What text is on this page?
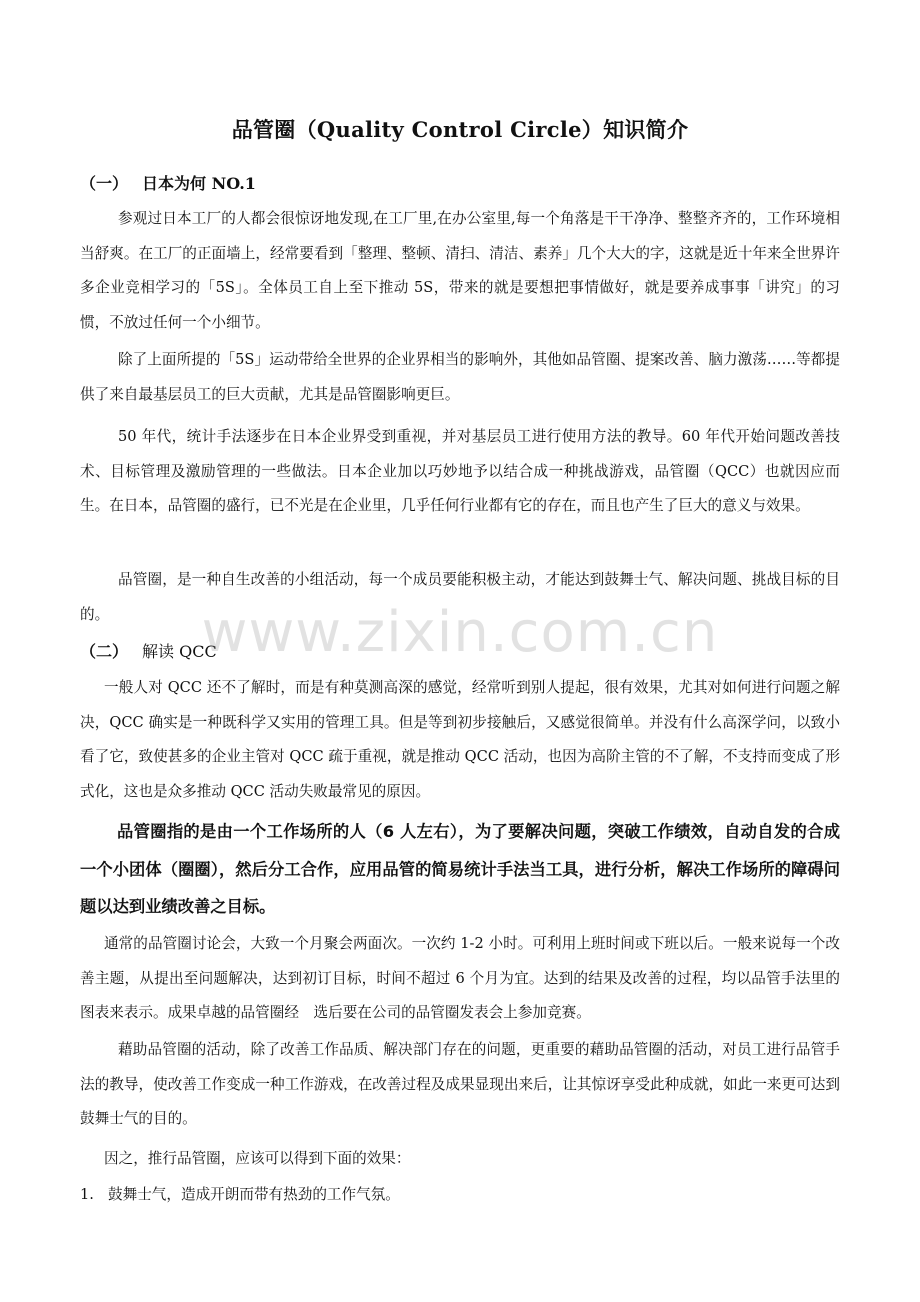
品管圈（Quality Control Circle）知识简介
（一） 日本为何 NO.1
参观过日本工厂的人都会很惊讶地发现,在工厂里,在办公室里,每一个角落是干干净净、整整齐齐的，工作环境相当舒爽。在工厂的正面墙上，经常要看到「整理、整顿、清扫、清洁、素养」几个大大的字，这就是近十年来全世界许多企业竞相学习的「5S」。全体员工自上至下推动 5S，带来的就是要想把事情做好，就是要养成事事「讲究」的习惯，不放过任何一个小细节。
除了上面所提的「5S」运动带给全世界的企业界相当的影响外，其他如品管圈、提案改善、脑力激荡……等都提供了来自最基层员工的巨大贡献，尤其是品管圈影响更巨。
50 年代，统计手法逐步在日本企业界受到重视，并对基层员工进行使用方法的教导。60 年代开始问题改善技术、目标管理及激励管理的一些做法。日本企业加以巧妙地予以结合成一种挑战游戏，品管圈（QCC）也就因应而生。在日本，品管圈的盛行，已不光是在企业里，几乎任何行业都有它的存在，而且也产生了巨大的意义与效果。
品管圈，是一种自生改善的小组活动，每一个成员要能积极主动，才能达到鼓舞士气、解决问题、挑战目标的目的。
（二） 解读 QCC
一般人对 QCC 还不了解时，而是有种莫测高深的感觉，经常听到别人提起，很有效果，尤其对如何进行问题之解决，QCC 确实是一种既科学又实用的管理工具。但是等到初步接触后，又感觉很简单。并没有什么高深学问，以致小看了它，致使甚多的企业主管对 QCC 疏于重视，就是推动 QCC 活动，也因为高阶主管的不了解，不支持而变成了形式化，这也是众多推动 QCC 活动失败最常见的原因。
品管圈指的是由一个工作场所的人（6 人左右），为了要解决问题，突破工作绩效，自动自发的合成一个小团体（圈圈），然后分工合作，应用品管的简易统计手法当工具，进行分析，解决工作场所的障碍问题以达到业绩改善之目标。
通常的品管圈讨论会，大致一个月聚会两面次。一次约 1-2 小时。可利用上班时间或下班以后。一般来说每一个改善主题，从提出至问题解决，达到初订目标，时间不超过 6 个月为宜。达到的结果及改善的过程，均以品管手法里的图表来表示。成果卓越的品管圈经　选后要在公司的品管圈发表会上参加竞赛。
藉助品管圈的活动，除了改善工作品质、解决部门存在的问题，更重要的藉助品管圈的活动，对员工进行品管手法的教导，使改善工作变成一种工作游戏，在改善过程及成果显现出来后，让其惊讶享受此种成就，如此一来更可达到鼓舞士气的目的。
因之，推行品管圈，应该可以得到下面的效果：
1. 鼓舞士气，造成开朗而带有热劲的工作气氛。
www.zixin.com.cn
